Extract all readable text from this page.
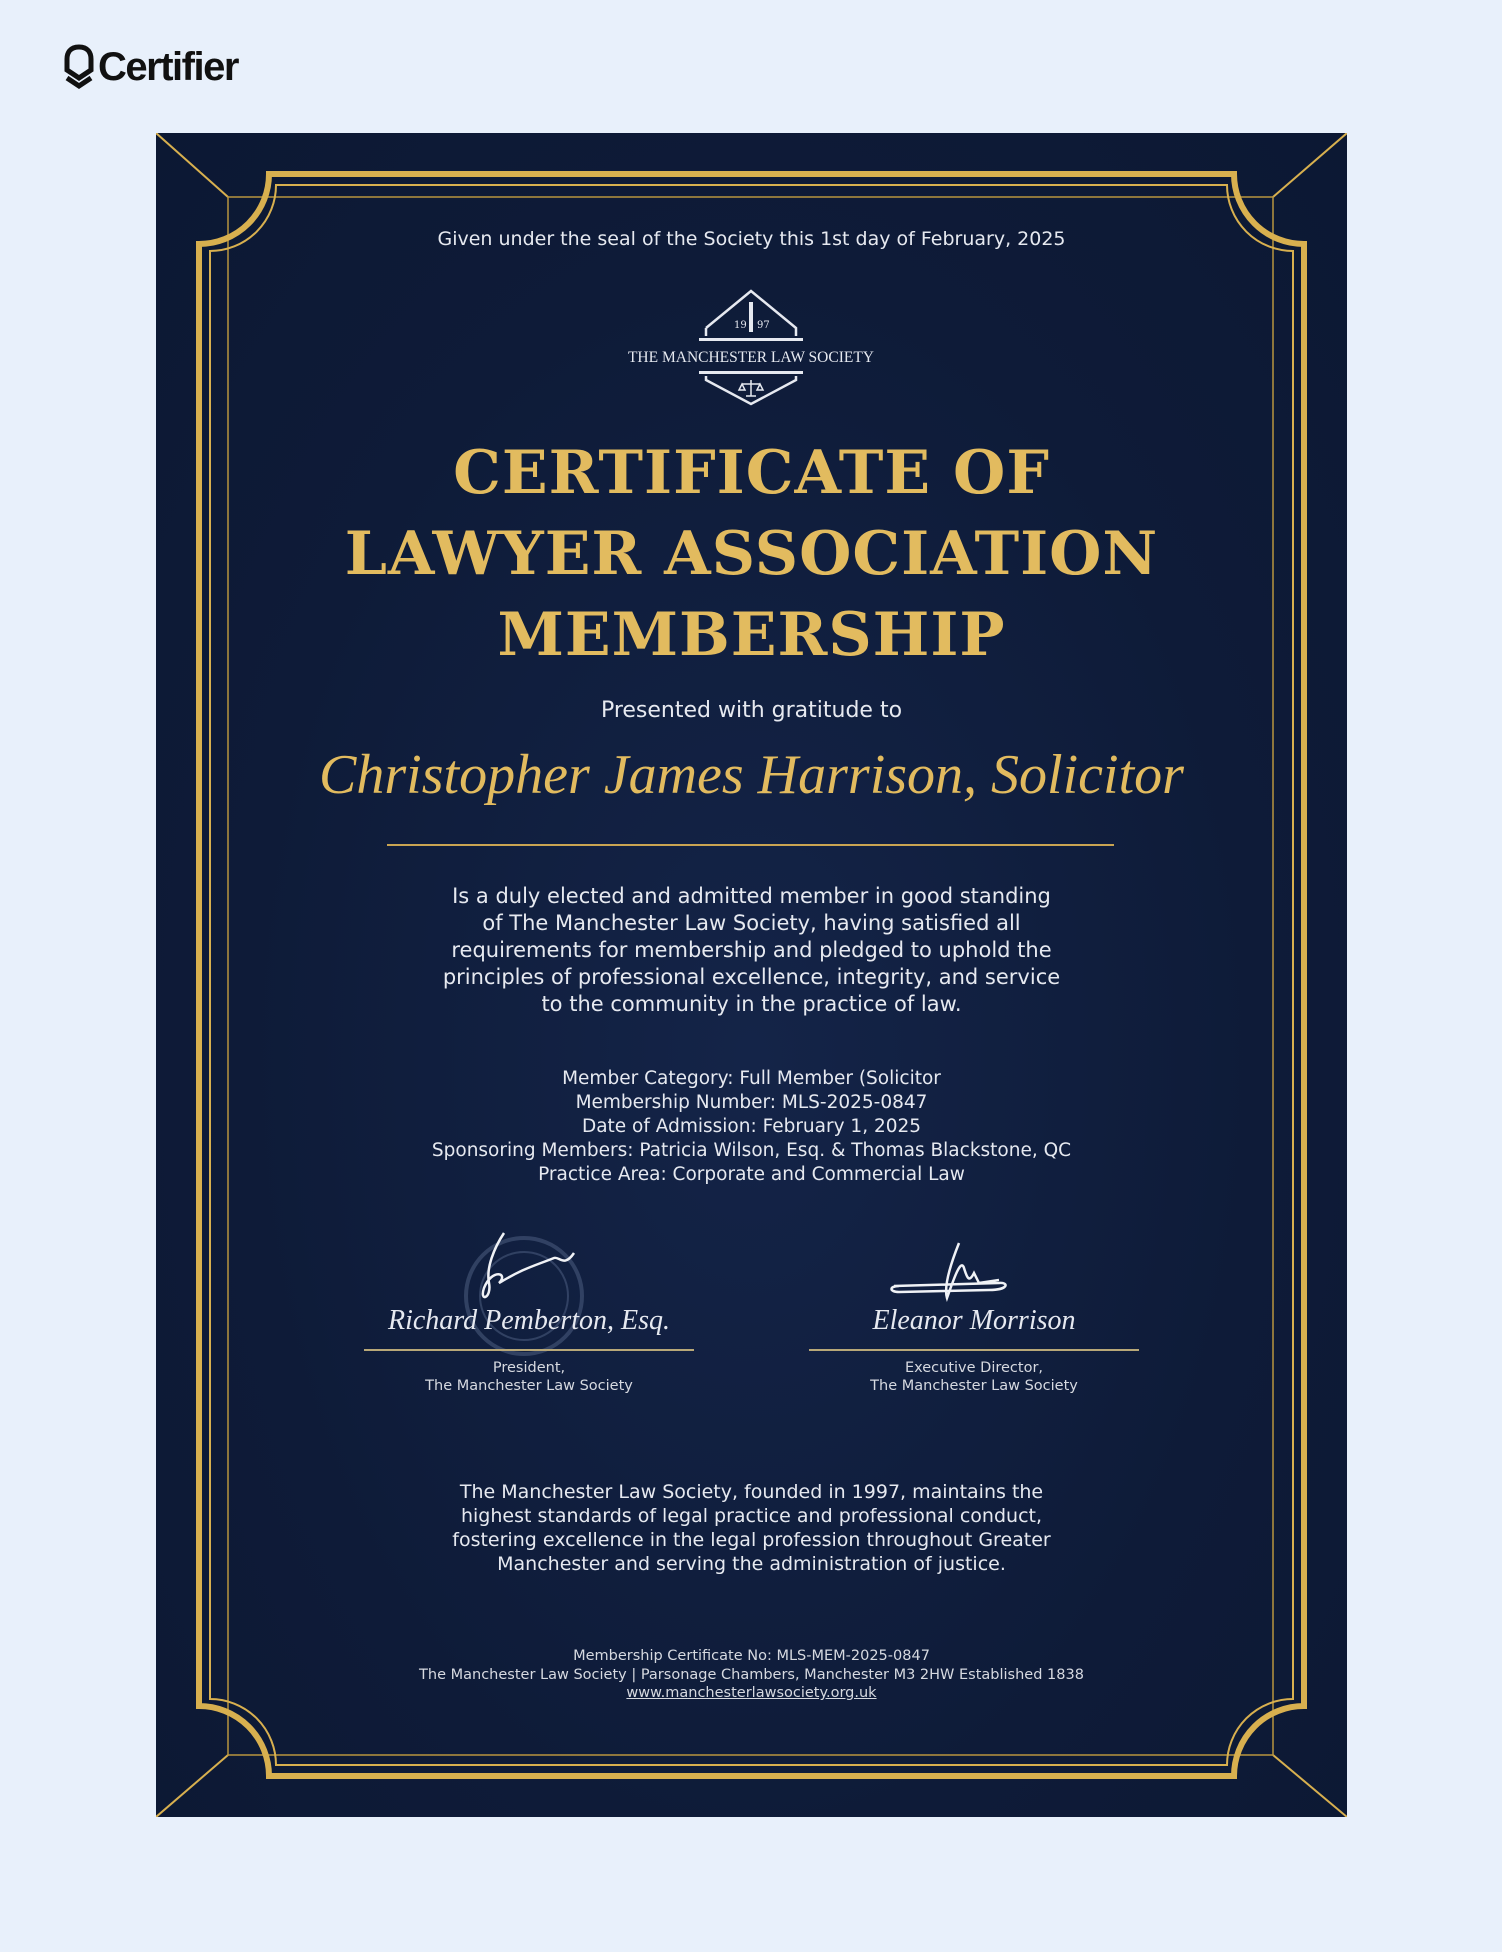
Certifier
Given under the seal of the Society this 1st day of February, 2025
19 97
THE MANCHESTER LAW SOCIETY
CERTIFICATE OF
LAWYER ASSOCIATION
MEMBERSHIP
Presented with gratitude to
Christopher James Harrison, Solicitor
Is a duly elected and admitted member in good standing
of The Manchester Law Society, having satisfied all
requirements for membership and pledged to uphold the
principles of professional excellence, integrity, and service
to the community in the practice of law.
Member Category: Full Member (Solicitor
Membership Number: MLS-2025-0847
Date of Admission: February 1, 2025
Sponsoring Members: Patricia Wilson, Esq. & Thomas Blackstone, QC
Practice Area: Corporate and Commercial Law
Richard Pemberton, Esq.
President,
The Manchester Law Society
Eleanor Morrison
Executive Director,
The Manchester Law Society
The Manchester Law Society, founded in 1997, maintains the
highest standards of legal practice and professional conduct,
fostering excellence in the legal profession throughout Greater
Manchester and serving the administration of justice.
Membership Certificate No: MLS-MEM-2025-0847
The Manchester Law Society | Parsonage Chambers, Manchester M3 2HW Established 1838
www.manchesterlawsociety.org.uk
